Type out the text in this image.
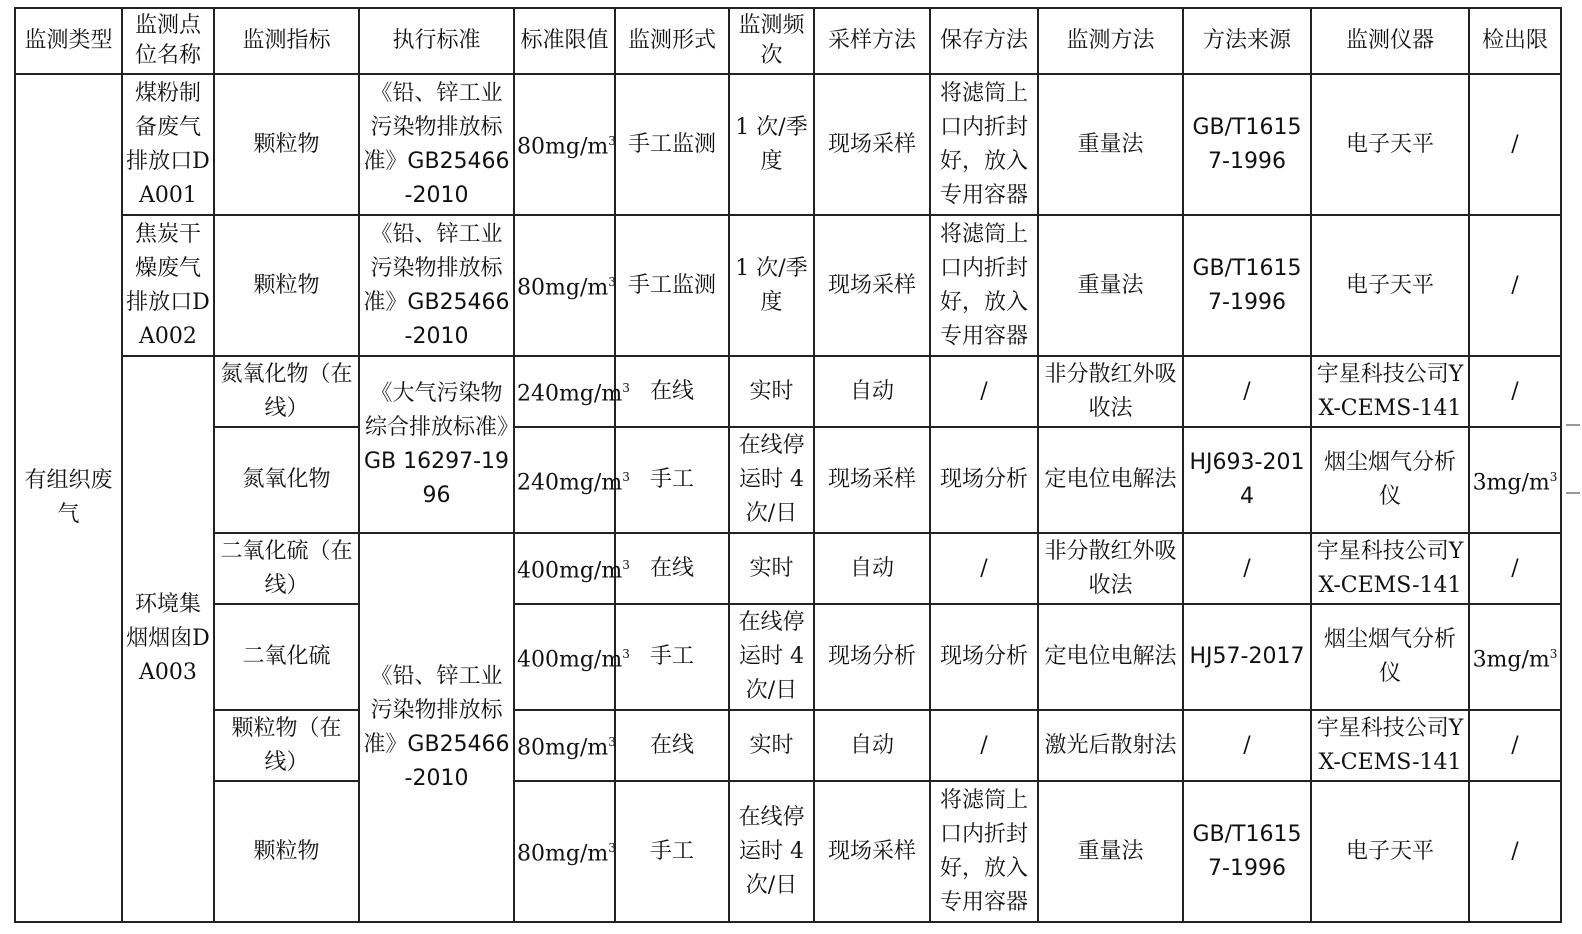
监测类型	监测点位名称	监测指标	执行标准	标准限值	监测形式	监测频次	采样方法	保存方法	监测方法	方法来源	监测仪器	检出限
有组织废气	煤粉制备废气排放口DA001	颗粒物	《铅、锌工业污染物排放标准》GB25466-2010	$80mg/m^3$	手工监测	1 次/季度	现场采样	将滤筒上口内折封好，放入专用容器	重量法	GB/T16157-1996	电子天平	/
	焦炭干燥废气排放口DA002	颗粒物	《铅、锌工业污染物排放标准》GB25466-2010	$80mg/m^3$	手工监测	1 次/季度	现场采样	将滤筒上口内折封好，放入专用容器	重量法	GB/T16157-1996	电子天平	/
	环境集烟烟囱DA003	氮氧化物（在线）	《大气污染物综合排放标准》GB 16297-1996	$240mg/m^3$	在线	实时	自动	/	非分散红外吸收法	/	宇星科技公司YX-CEMS-141	/
		氮氧化物		$240mg/m^3$	手工	在线停运时 4 次/日	现场采样	现场分析	定电位电解法	HJ693-2014	烟尘烟气分析仪	$3mg/m^3$
		二氧化硫（在线）	《铅、锌工业污染物排放标准》GB25466-2010	$400mg/m^3$	在线	实时	自动	/	非分散红外吸收法	/	宇星科技公司YX-CEMS-141	/
		二氧化硫		$400mg/m^3$	手工	在线停运时 4 次/日	现场分析	现场分析	定电位电解法	HJ57-2017	烟尘烟气分析仪	$3mg/m^3$
		颗粒物（在线）		$80mg/m^3$	在线	实时	自动	/	激光后散射法	/	宇星科技公司YX-CEMS-141	/
		颗粒物		$80mg/m^3$	手工	在线停运时 4 次/日	现场采样	将滤筒上口内折封好，放入专用容器	重量法	GB/T16157-1996	电子天平	/
